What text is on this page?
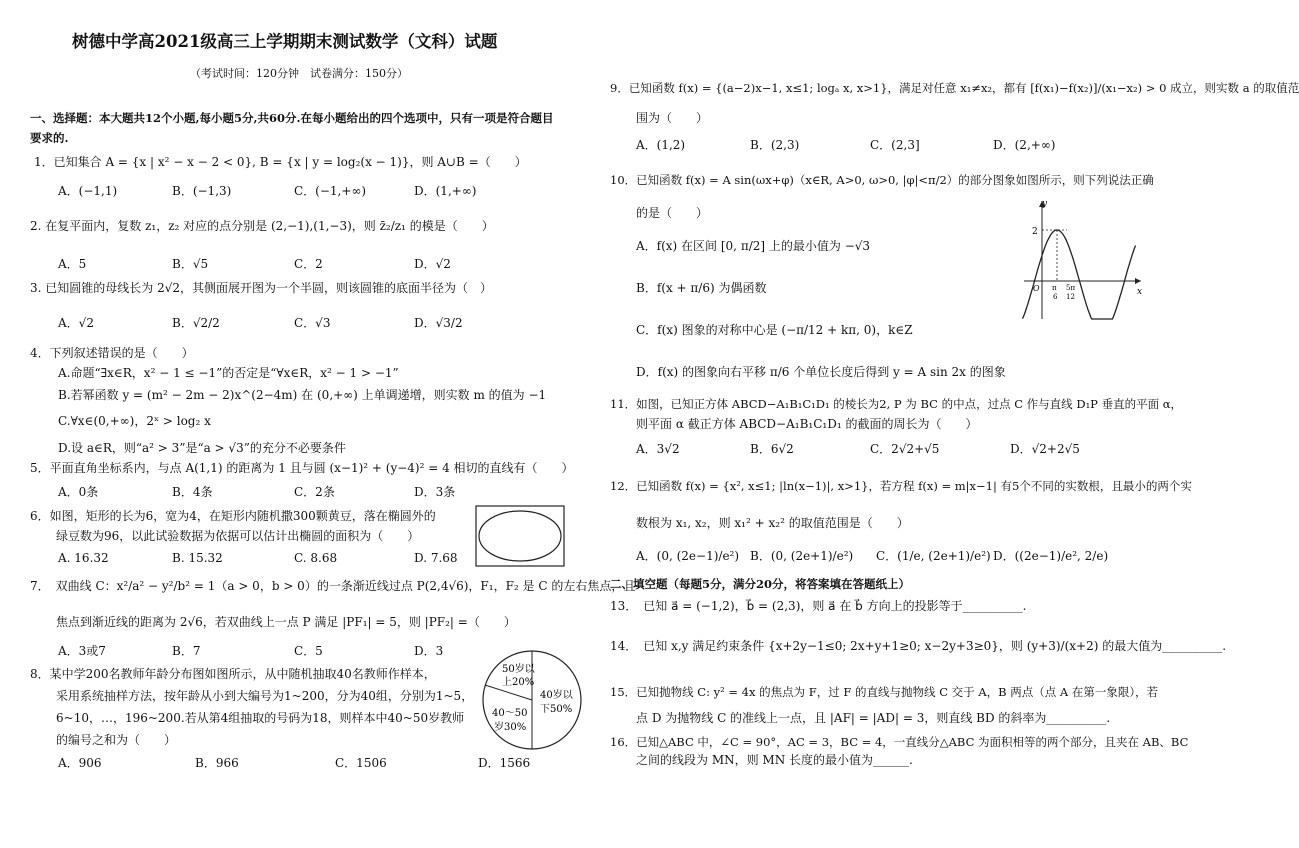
树德中学高2021级高三上学期期末测试数学（文科）试题
（考试时间：120分钟　试卷满分：150分）
一、选择题：本大题共12个小题,每小题5分,共60分.在每小题给出的四个选项中，只有一项是符合题目
要求的.
1．已知集合 A = {x | x² − x − 2 < 0}, B = {x | y = log₂(x − 1)}，则 A∪B =（　　）
A．(−1,1)	B．(−1,3)	C．(−1,+∞)	D．(1,+∞)
2. 在复平面内，复数 z₁，z₂ 对应的点分别是 (2,−1),(1,−3)，则 z̄₂/z₁ 的模是（　　）
A．5	B．√5	C．2	D．√2
3. 已知圆锥的母线长为 2√2，其侧面展开图为一个半圆，则该圆锥的底面半径为（　）
A．√2	B．√2/2	C．√3	D．√3/2
4．下列叙述错误的是（　　）
A.命题“∃x∈R，x² − 1 ≤ −1”的否定是“∀x∈R，x² − 1 > −1”
B.若幂函数 y = (m² − 2m − 2)x^(2−4m) 在 (0,+∞) 上单调递增，则实数 m 的值为 −1
C.∀x∈(0,+∞)，2ˣ > log₂ x
D.设 a∈R，则“a² > 3”是“a > √3”的充分不必要条件
5．平面直角坐标系内，与点 A(1,1) 的距离为 1 且与圆 (x−1)² + (y−4)² = 4 相切的直线有（　　）
A．0条	B．4条	C．2条	D．3条
6．如图，矩形的长为6，宽为4，在矩形内随机撒300颗黄豆，落在椭圆外的
绿豆数为96，以此试验数据为依据可以估计出椭圆的面积为（　　）
A. 16.32	B. 15.32	C. 8.68	D. 7.68
7．　双曲线 C：x²/a² − y²/b² = 1（a > 0，b > 0）的一条渐近线过点 P(2,4√6)，F₁，F₂ 是 C 的左右焦点，且
焦点到渐近线的距离为 2√6，若双曲线上一点 P 满足 |PF₁| = 5，则 |PF₂| =（　　）
A．3或7	B．7	C．5	D．3
8．某中学200名教师年龄分布图如图所示，从中随机抽取40名教师作样本，
采用系统抽样方法，按年龄从小到大编号为1~200，分为40组，分别为1~5，
6~10，…，196~200.若从第4组抽取的号码为18，则样本中40~50岁教师
的编号之和为（　　）
A．906	B．966	C．1506	D．1566
50岁以
上20%
40岁以
下50%
40～50
岁30%
9．已知函数 f(x) = {(a−2)x−1, x≤1; logₐ x, x>1}，满足对任意 x₁≠x₂，都有 [f(x₁)−f(x₂)]/(x₁−x₂) > 0 成立，则实数 a 的取值范
围为（　　）
A．(1,2)	B．(2,3)	C．(2,3]	D．(2,+∞)
10．已知函数 f(x) = A sin(ωx+φ)（x∈R, A>0, ω>0, |φ|<π/2）的部分图象如图所示，则下列说法正确
的是（　　）
A．f(x) 在区间 [0, π/2] 上的最小值为 −√3
B．f(x + π/6) 为偶函数
C．f(x) 图象的对称中心是 (−π/12 + kπ, 0)，k∈Z
D．f(x) 的图象向右平移 π/6 个单位长度后得到 y = A sin 2x 的图象
2
y
x
O π
6
5π
12
11．如图，已知正方体 ABCD−A₁B₁C₁D₁ 的棱长为2, P 为 BC 的中点，过点 C 作与直线 D₁P 垂直的平面 α，
则平面 α 截正方体 ABCD−A₁B₁C₁D₁ 的截面的周长为（　　）
A．3√2	B．6√2	C．2√2+√5	D．√2+2√5
12．已知函数 f(x) = {x², x≤1; |ln(x−1)|, x>1}，若方程 f(x) = m|x−1| 有5个不同的实数根，且最小的两个实
数根为 x₁, x₂，则 x₁² + x₂² 的取值范围是（　　）
A．(0, (2e−1)/e²) B．(0, (2e+1)/e²) C．(1/e, (2e+1)/e²) D．((2e−1)/e², 2/e)
二、填空题（每题5分，满分20分，将答案填在答题纸上）
13．　已知 a⃗ = (−1,2)，b⃗ = (2,3)，则 a⃗ 在 b⃗ 方向上的投影等于__________.
14．　已知 x,y 满足约束条件 {x+2y−1≤0; 2x+y+1≥0; x−2y+3≥0}，则 (y+3)/(x+2) 的最大值为__________.
15．已知抛物线 C: y² = 4x 的焦点为 F，过 F 的直线与抛物线 C 交于 A，B 两点（点 A 在第一象限），若
点 D 为抛物线 C 的准线上一点，且 |AF| = |AD| = 3，则直线 BD 的斜率为__________.
16．已知△ABC 中，∠C = 90°，AC = 3，BC = 4，一直线分△ABC 为面积相等的两个部分，且夹在 AB、BC
之间的线段为 MN，则 MN 长度的最小值为______.
